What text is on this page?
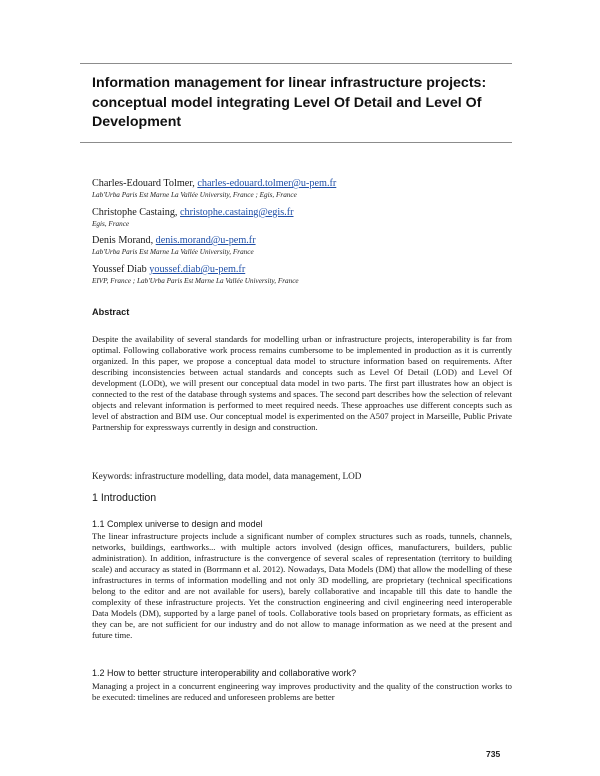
Information management for linear infrastructure projects: conceptual model integrating Level Of Detail and Level Of Development
Charles-Edouard Tolmer, charles-edouard.tolmer@u-pem.fr
Lab'Urba Paris Est Marne La Vallée University, France ; Egis, France
Christophe Castaing, christophe.castaing@egis.fr
Egis, France
Denis Morand, denis.morand@u-pem.fr
Lab'Urba Paris Est Marne La Vallée University, France
Youssef Diab youssef.diab@u-pem.fr
EIVP, France ; Lab'Urba Paris Est Marne La Vallée University, France
Abstract
Despite the availability of several standards for modelling urban or infrastructure projects, interoperability is far from optimal. Following collaborative work process remains cumbersome to be implemented in production as it is currently organized. In this paper, we propose a conceptual data model to structure information based on requirements. After describing inconsistencies between actual standards and concepts such as Level Of Detail (LOD) and Level Of development (LODt), we will present our conceptual data model in two parts. The first part illustrates how an object is connected to the rest of the database through systems and spaces. The second part describes how the selection of relevant objects and relevant information is performed to meet required needs. These approaches use different concepts such as level of abstraction and BIM use. Our conceptual model is experimented on the A507 project in Marseille, Public Private Partnership for expressways currently in design and construction.
Keywords: infrastructure modelling, data model, data management, LOD
1 Introduction
1.1 Complex universe to design and model
The linear infrastructure projects include a significant number of complex structures such as roads, tunnels, channels, networks, buildings, earthworks... with multiple actors involved (design offices, manufacturers, builders, public administration). In addition, infrastructure is the convergence of several scales of representation (territory to building scale) and accuracy as stated in (Borrmann et al. 2012). Nowadays, Data Models (DM) that allow the modelling of these infrastructures in terms of information modelling and not only 3D modelling, are proprietary (technical specifications belong to the editor and are not available for users), barely collaborative and incapable till this date to handle the complexity of these infrastructure projects. Yet the construction engineering and civil engineering need interoperable Data Models (DM), supported by a large panel of tools. Collaborative tools based on proprietary formats, as efficient as they can be, are not sufficient for our industry and do not allow to manage information as we need at the present and future time.
1.2 How to better structure interoperability and collaborative work?
Managing a project in a concurrent engineering way improves productivity and the quality of the construction works to be executed: timelines are reduced and unforeseen problems are better
735
